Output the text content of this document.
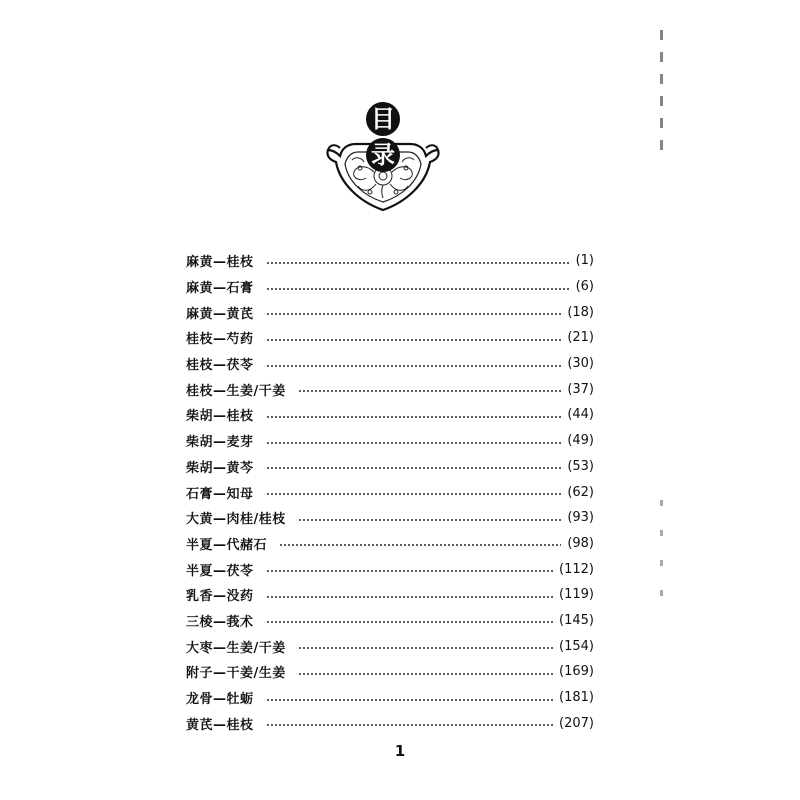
目
录
麻黄—桂枝	(1)
麻黄—石膏	(6)
麻黄—黄芪	(18)
桂枝—芍药	(21)
桂枝—茯苓	(30)
桂枝—生姜/干姜	(37)
柴胡—桂枝	(44)
柴胡—麦芽	(49)
柴胡—黄芩	(53)
石膏—知母	(62)
大黄—肉桂/桂枝	(93)
半夏—代赭石	(98)
半夏—茯苓	(112)
乳香—没药	(119)
三棱—莪术	(145)
大枣—生姜/干姜	(154)
附子—干姜/生姜	(169)
龙骨—牡蛎	(181)
黄芪—桂枝	(207)
1
